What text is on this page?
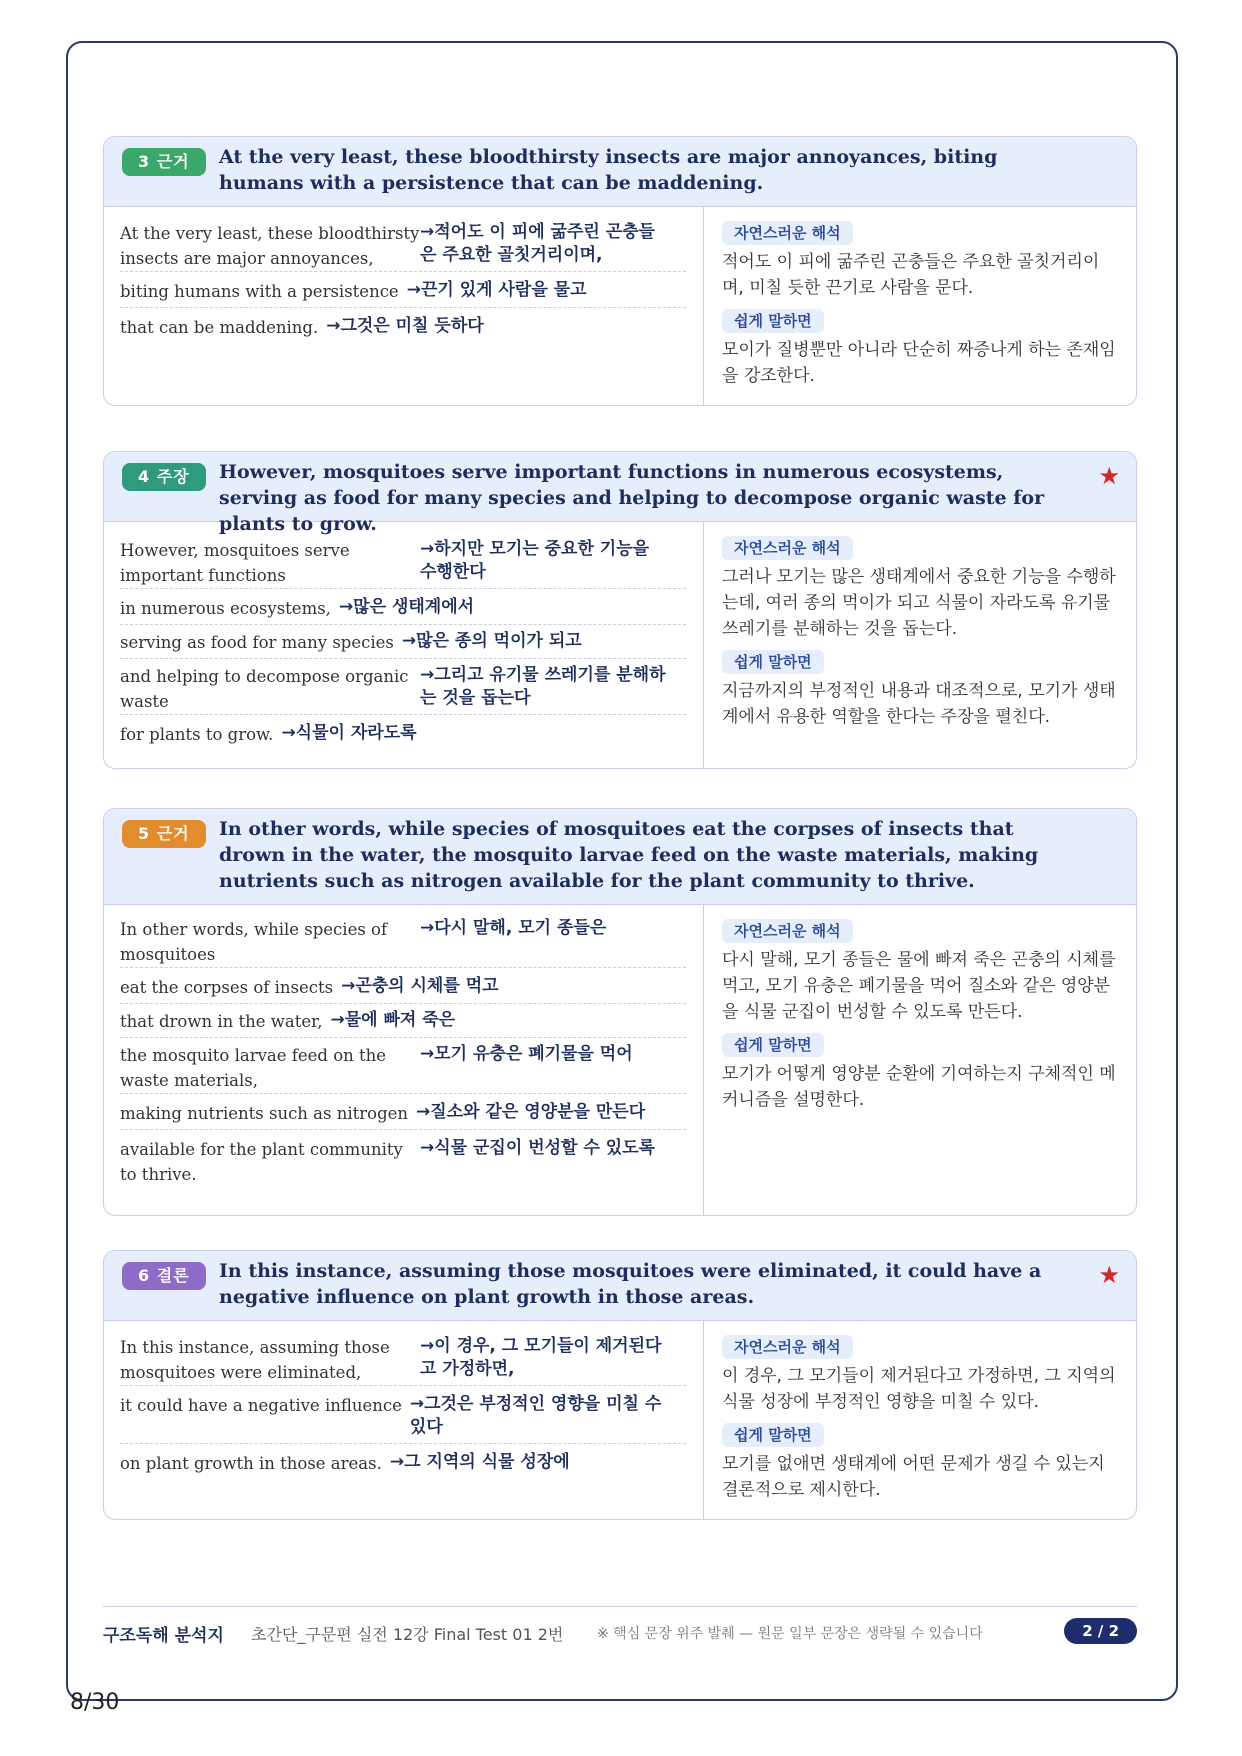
3 근거	At the very least, these bloodthirsty insects are major annoyances, biting humans with a persistence that can be maddening.
At the very least, these bloodthirsty insects are major annoyances,
→적어도 이 피에 굶주린 곤충들은 주요한 골칫거리이며,
biting humans with a persistence →끈기 있게 사람을 물고
that can be maddening. →그것은 미칠 듯하다
자연스러운 해석
적어도 이 피에 굶주린 곤충들은 주요한 골칫거리이며, 미칠 듯한 끈기로 사람을 문다.
쉽게 말하면
모이가 질병뿐만 아니라 단순히 짜증나게 하는 존재임을 강조한다.
4 주장	However, mosquitoes serve important functions in numerous ecosystems, serving as food for many species and helping to decompose organic waste for plants to grow.
★
However, mosquitoes serve important functions
→하지만 모기는 중요한 기능을 수행한다
in numerous ecosystems, →많은 생태계에서
serving as food for many species →많은 종의 먹이가 되고
and helping to decompose organic waste
→그리고 유기물 쓰레기를 분해하는 것을 돕는다
for plants to grow. →식물이 자라도록
자연스러운 해석
그러나 모기는 많은 생태계에서 중요한 기능을 수행하는데, 여러 종의 먹이가 되고 식물이 자라도록 유기물 쓰레기를 분해하는 것을 돕는다.
쉽게 말하면
지금까지의 부정적인 내용과 대조적으로, 모기가 생태계에서 유용한 역할을 한다는 주장을 펼친다.
5 근거	In other words, while species of mosquitoes eat the corpses of insects that drown in the water, the mosquito larvae feed on the waste materials, making nutrients such as nitrogen available for the plant community to thrive.
In other words, while species of mosquitoes
→다시 말해, 모기 종들은
eat the corpses of insects →곤충의 시체를 먹고
that drown in the water, →물에 빠져 죽은
the mosquito larvae feed on the waste materials,
→모기 유충은 폐기물을 먹어
making nutrients such as nitrogen →질소와 같은 영양분을 만든다
available for the plant community to thrive.
→식물 군집이 번성할 수 있도록
자연스러운 해석
다시 말해, 모기 종들은 물에 빠져 죽은 곤충의 시체를 먹고, 모기 유충은 폐기물을 먹어 질소와 같은 영양분을 식물 군집이 번성할 수 있도록 만든다.
쉽게 말하면
모기가 어떻게 영양분 순환에 기여하는지 구체적인 메커니즘을 설명한다.
6 결론	In this instance, assuming those mosquitoes were eliminated, it could have a negative influence on plant growth in those areas.
★
In this instance, assuming those mosquitoes were eliminated,
→이 경우, 그 모기들이 제거된다고 가정하면,
it could have a negative influence →그것은 부정적인 영향을 미칠 수 있다
on plant growth in those areas. →그 지역의 식물 성장에
자연스러운 해석
이 경우, 그 모기들이 제거된다고 가정하면, 그 지역의 식물 성장에 부정적인 영향을 미칠 수 있다.
쉽게 말하면
모기를 없애면 생태계에 어떤 문제가 생길 수 있는지 결론적으로 제시한다.
구조독해 분석지 초간단_구문편 실전 12강 Final Test 01 2번 ※ 핵심 문장 위주 발췌 — 원문 일부 문장은 생략될 수 있습니다	2 / 2
8/30
